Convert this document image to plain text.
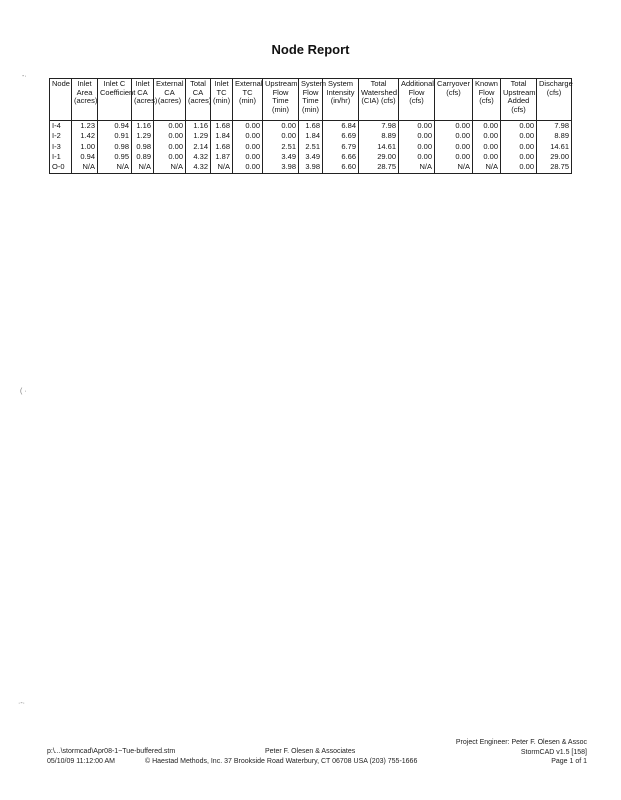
Node Report
Node	Inlet Area (acres)	Inlet C Coefficient	Inlet CA (acres)	External CA (acres)	Total CA (acres)	Inlet TC (min)	External TC (min)	Upstream Flow Time (min)	System Flow Time (min)	System Intensity (in/hr)	Total Watershed (CIA) (cfs)	Additional Flow (cfs)	Carryover (cfs)	Known Flow (cfs)	Total Upstream Added (cfs)	Discharge (cfs)
I-4	1.23	0.94	1.16	0.00	1.16	1.68	0.00	0.00	1.68	6.84	7.98	0.00	0.00	0.00	0.00	7.98
I-2	1.42	0.91	1.29	0.00	1.29	1.84	0.00	0.00	1.84	6.69	8.89	0.00	0.00	0.00	0.00	8.89
I-3	1.00	0.98	0.98	0.00	2.14	1.68	0.00	2.51	2.51	6.79	14.61	0.00	0.00	0.00	0.00	14.61
I-1	0.94	0.95	0.89	0.00	4.32	1.87	0.00	3.49	3.49	6.66	29.00	0.00	0.00	0.00	0.00	29.00
O-0	N/A	N/A	N/A	N/A	4.32	N/A	0.00	3.98	3.98	6.60	28.75	N/A	N/A	N/A	0.00	28.75
p:\...\stormcad\Apr08-1~Tue-buffered.stm
05/10/09 11:12:00 AM
Peter F. Olesen & Associates
© Haestad Methods, Inc. 37 Brookside Road Waterbury, CT 06708 USA (203) 755-1666
Project Engineer: Peter F. Olesen & Assoc
StormCAD v1.5 [158]
Page 1 of 1
-·
( ·
·-·
